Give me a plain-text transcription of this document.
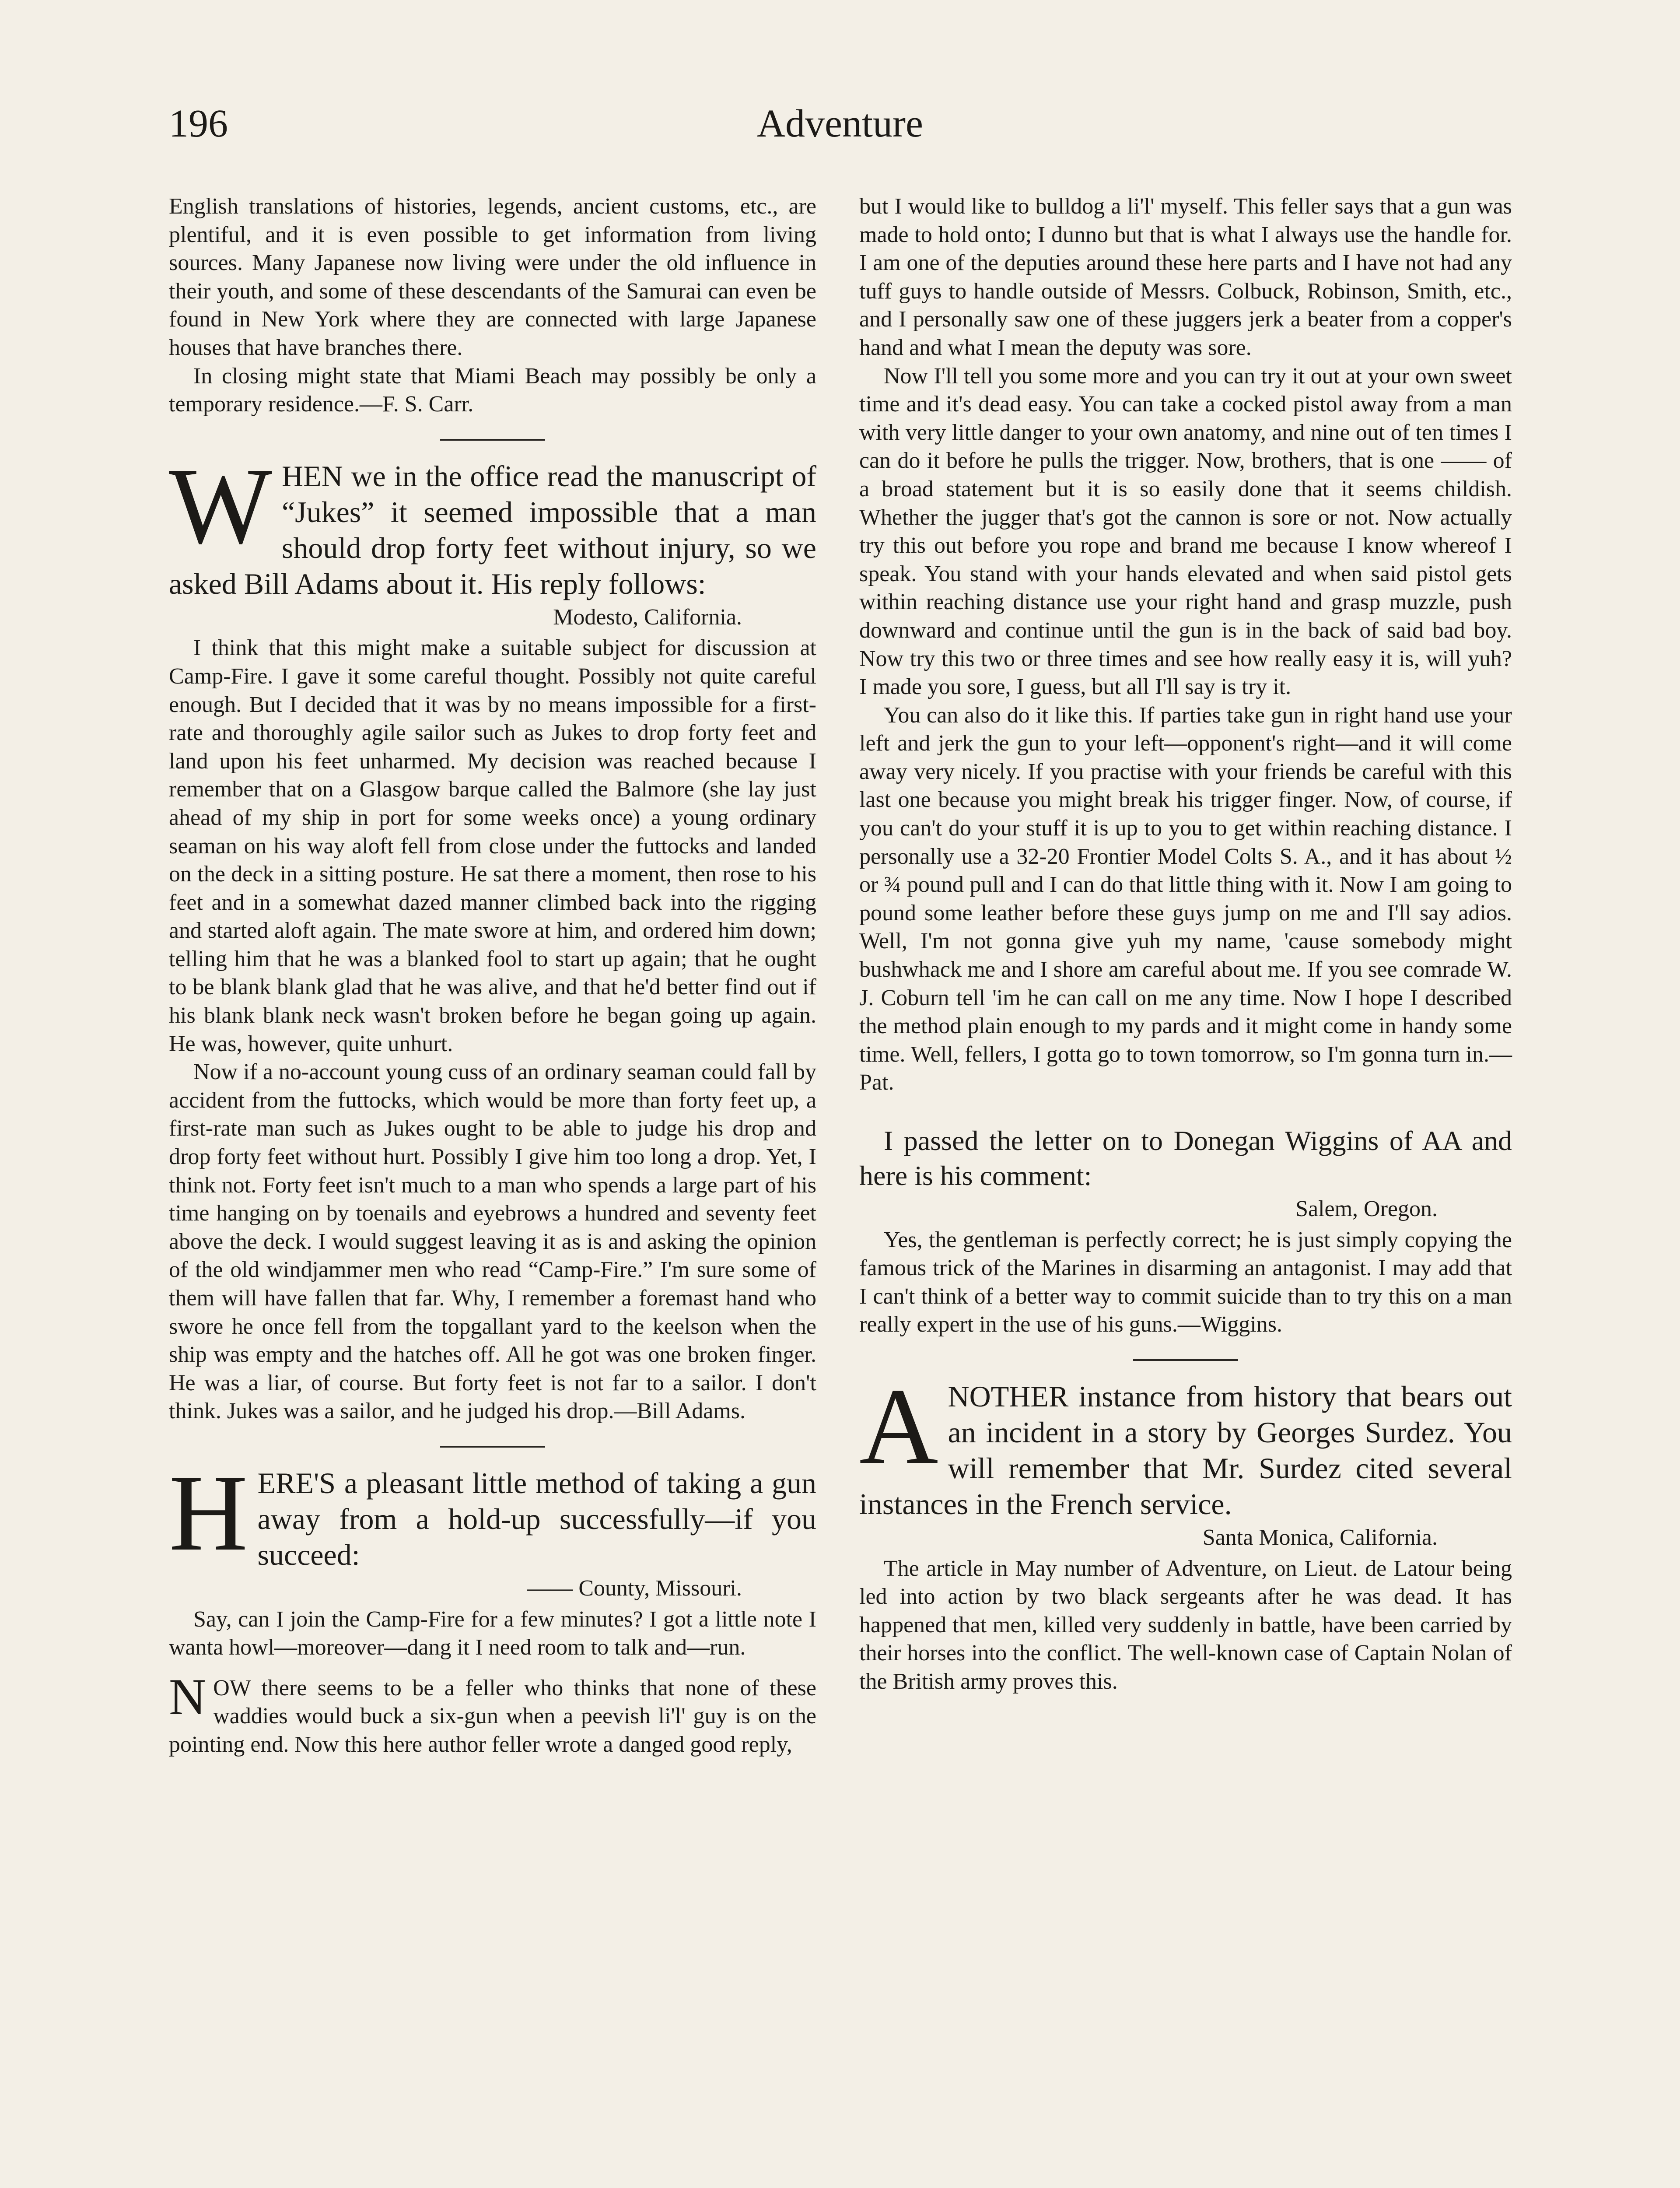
Adventure
196

English translations of histories, legends, ancient customs, etc., are plentiful, and it is even possible to get information from living sources. Many Japanese now living were under the old influence in their youth, and some of these descendants of the Samurai can even be found in New York where they are connected with large Japanese houses that have branches there.

In closing might state that Miami Beach may possibly be only a temporary residence.—F. S. Carr.

WHEN we in the office read the manuscript of “Jukes” it seemed impossible that a man should drop forty feet without injury, so we asked Bill Adams about it. His reply follows:

Modesto, California.

I think that this might make a suitable subject for discussion at Camp-Fire. I gave it some careful thought. Possibly not quite careful enough. But I decided that it was by no means impossible for a first-rate and thoroughly agile sailor such as Jukes to drop forty feet and land upon his feet unharmed. My decision was reached because I remember that on a Glasgow barque called the Balmore (she lay just ahead of my ship in port for some weeks once) a young ordinary seaman on his way aloft fell from close under the futtocks and landed on the deck in a sitting posture. He sat there a moment, then rose to his feet and in a somewhat dazed manner climbed back into the rigging and started aloft again. The mate swore at him, and ordered him down; telling him that he was a blanked fool to start up again; that he ought to be blank blank glad that he was alive, and that he'd better find out if his blank blank neck wasn't broken before he began going up again. He was, however, quite unhurt.

Now if a no-account young cuss of an ordinary seaman could fall by accident from the futtocks, which would be more than forty feet up, a first-rate man such as Jukes ought to be able to judge his drop and drop forty feet without hurt. Possibly I give him too long a drop. Yet, I think not. Forty feet isn't much to a man who spends a large part of his time hanging on by toenails and eyebrows a hundred and seventy feet above the deck. I would suggest leaving it as is and asking the opinion of the old windjammer men who read “Camp-Fire.” I'm sure some of them will have fallen that far. Why, I remember a foremast hand who swore he once fell from the topgallant yard to the keelson when the ship was empty and the hatches off. All he got was one broken finger. He was a liar, of course. But forty feet is not far to a sailor. I don't think. Jukes was a sailor, and he judged his drop.—Bill Adams.

HERE'S a pleasant little method of taking a gun away from a hold-up successfully—if you succeed:

—— County, Missouri.

Say, can I join the Camp-Fire for a few minutes? I got a little note I wanta howl—moreover—dang it I need room to talk and—run.

NOW there seems to be a feller who thinks that none of these waddies would buck a six-gun when a peevish li'l' guy is on the pointing end. Now this here author feller wrote a danged good reply,

but I would like to bulldog a li'l' myself. This feller says that a gun was made to hold onto; I dunno but that is what I always use the handle for. I am one of the deputies around these here parts and I have not had any tuff guys to handle outside of Messrs. Colbuck, Robinson, Smith, etc., and I personally saw one of these juggers jerk a beater from a copper's hand and what I mean the deputy was sore.

Now I'll tell you some more and you can try it out at your own sweet time and it's dead easy. You can take a cocked pistol away from a man with very little danger to your own anatomy, and nine out of ten times I can do it before he pulls the trigger. Now, brothers, that is one —— of a broad statement but it is so easily done that it seems childish. Whether the jugger that's got the cannon is sore or not. Now actually try this out before you rope and brand me because I know whereof I speak. You stand with your hands elevated and when said pistol gets within reaching distance use your right hand and grasp muzzle, push downward and continue until the gun is in the back of said bad boy. Now try this two or three times and see how really easy it is, will yuh? I made you sore, I guess, but all I'll say is try it.

You can also do it like this. If parties take gun in right hand use your left and jerk the gun to your left—opponent's right—and it will come away very nicely. If you practise with your friends be careful with this last one because you might break his trigger finger. Now, of course, if you can't do your stuff it is up to you to get within reaching distance. I personally use a 32-20 Frontier Model Colts S. A., and it has about ½ or ¾ pound pull and I can do that little thing with it. Now I am going to pound some leather before these guys jump on me and I'll say adios. Well, I'm not gonna give yuh my name, 'cause somebody might bushwhack me and I shore am careful about me. If you see comrade W. J. Coburn tell 'im he can call on me any time. Now I hope I described the method plain enough to my pards and it might come in handy some time. Well, fellers, I gotta go to town tomorrow, so I'm gonna turn in.—Pat.

I passed the letter on to Donegan Wiggins of AA and here is his comment:

Salem, Oregon.

Yes, the gentleman is perfectly correct; he is just simply copying the famous trick of the Marines in disarming an antagonist. I may add that I can't think of a better way to commit suicide than to try this on a man really expert in the use of his guns.—Wiggins.

ANOTHER instance from history that bears out an incident in a story by Georges Surdez. You will remember that Mr. Surdez cited several instances in the French service.

Santa Monica, California.

The article in May number of Adventure, on Lieut. de Latour being led into action by two black sergeants after he was dead. It has happened that men, killed very suddenly in battle, have been carried by their horses into the conflict. The well-known case of Captain Nolan of the British army proves this.
